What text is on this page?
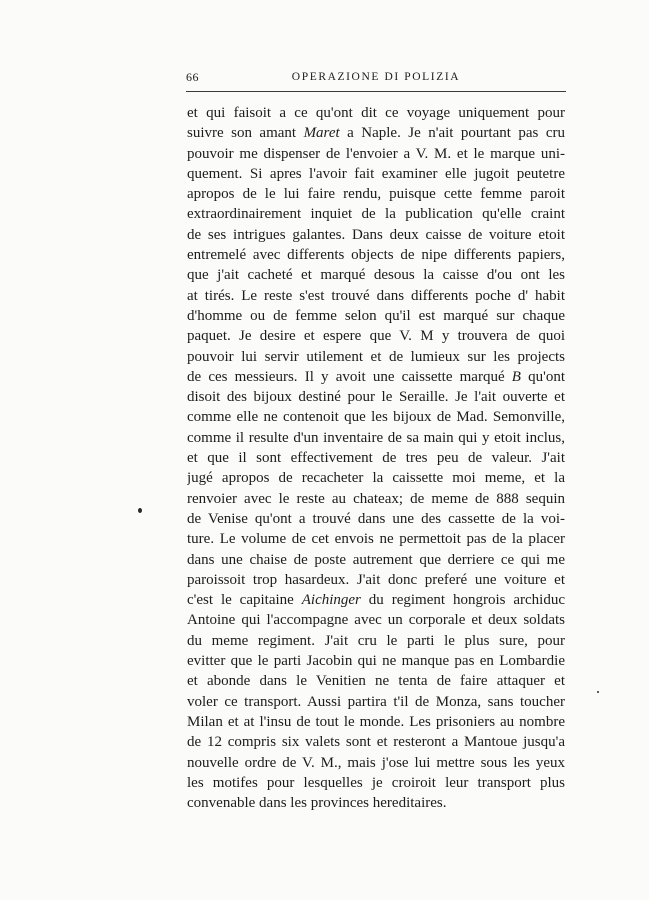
66	OPERAZIONE DI POLIZIA
et qui faisoit a ce qu'ont dit ce voyage uniquement pour
suivre son amant Maret a Naple. Je n'ait pourtant pas cru
pouvoir me dispenser de l'envoier a V. M. et le marque uni-
quement. Si apres l'avoir fait examiner elle jugoit peutetre
apropos de le lui faire rendu, puisque cette femme paroit
extraordinairement inquiet de la publication qu'elle craint
de ses intrigues galantes. Dans deux caisse de voiture etoit
entremelé avec differents objects de nipe differents papiers,
que j'ait cacheté et marqué desous la caisse d'ou ont les
at tirés. Le reste s'est trouvé dans differents poche d' habit
d'homme ou de femme selon qu'il est marqué sur chaque
paquet. Je desire et espere que V. M y trouvera de quoi
pouvoir lui servir utilement et de lumieux sur les projects
de ces messieurs. Il y avoit une caissette marqué B qu'ont
disoit des bijoux destiné pour le Seraille. Je l'ait ouverte et
comme elle ne contenoit que les bijoux de Mad. Semonville,
comme il resulte d'un inventaire de sa main qui y etoit inclus,
et que il sont effectivement de tres peu de valeur. J'ait
jugé apropos de recacheter la caissette moi meme, et la
renvoier avec le reste au chateax; de meme de 888 sequin
de Venise qu'ont a trouvé dans une des cassette de la voi-
ture. Le volume de cet envois ne permettoit pas de la placer
dans une chaise de poste autrement que derriere ce qui me
paroissoit trop hasardeux. J'ait donc preferé une voiture et
c'est le capitaine Aichinger du regiment hongrois archiduc
Antoine qui l'accompagne avec un corporale et deux soldats
du meme regiment. J'ait cru le parti le plus sure, pour
evitter que le parti Jacobin qui ne manque pas en Lombardie
et abonde dans le Venitien ne tenta de faire attaquer et
voler ce transport. Aussi partira t'il de Monza, sans toucher
Milan et at l'insu de tout le monde. Les prisoniers au nombre
de 12 compris six valets sont et resteront a Mantoue jusqu'a
nouvelle ordre de V. M., mais j'ose lui mettre sous les yeux
les motifes pour lesquelles je croiroit leur transport plus
convenable dans les provinces hereditaires.
